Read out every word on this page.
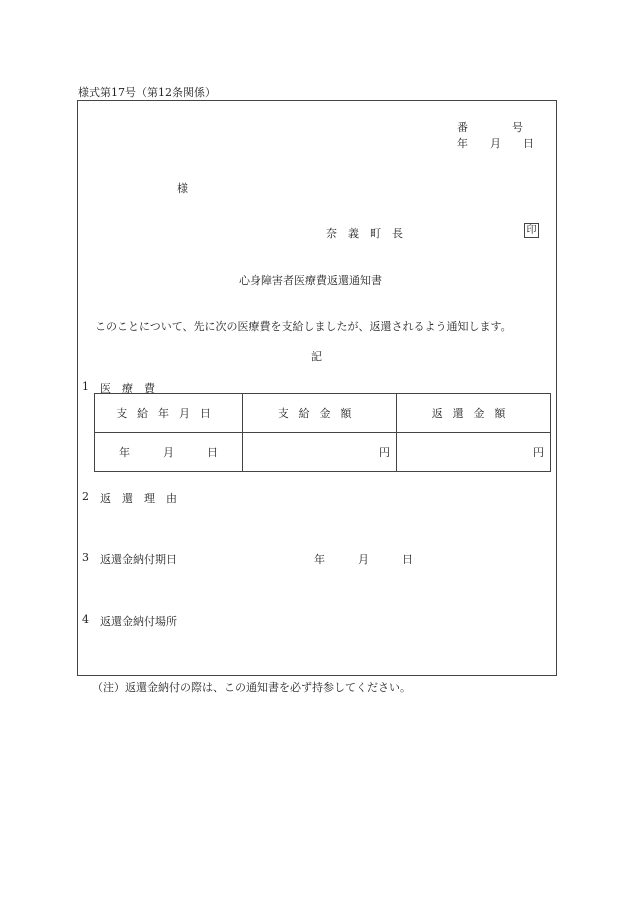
様式第17号（第12条関係）
番　　　　号
年　　月　　日
様
奈　義　町　長	印
心身障害者医療費返還通知書
このことについて、先に次の医療費を支給しましたが、返還されるよう通知します。
記
1 医　療　費
支給年月日	支給金額	返還金額
年　　　月　　　日	円	円
2 返　還　理　由
3 返還金納付期日	年　　　月　　　日
4 返還金納付場所
（注）返還金納付の際は、この通知書を必ず持参してください。
